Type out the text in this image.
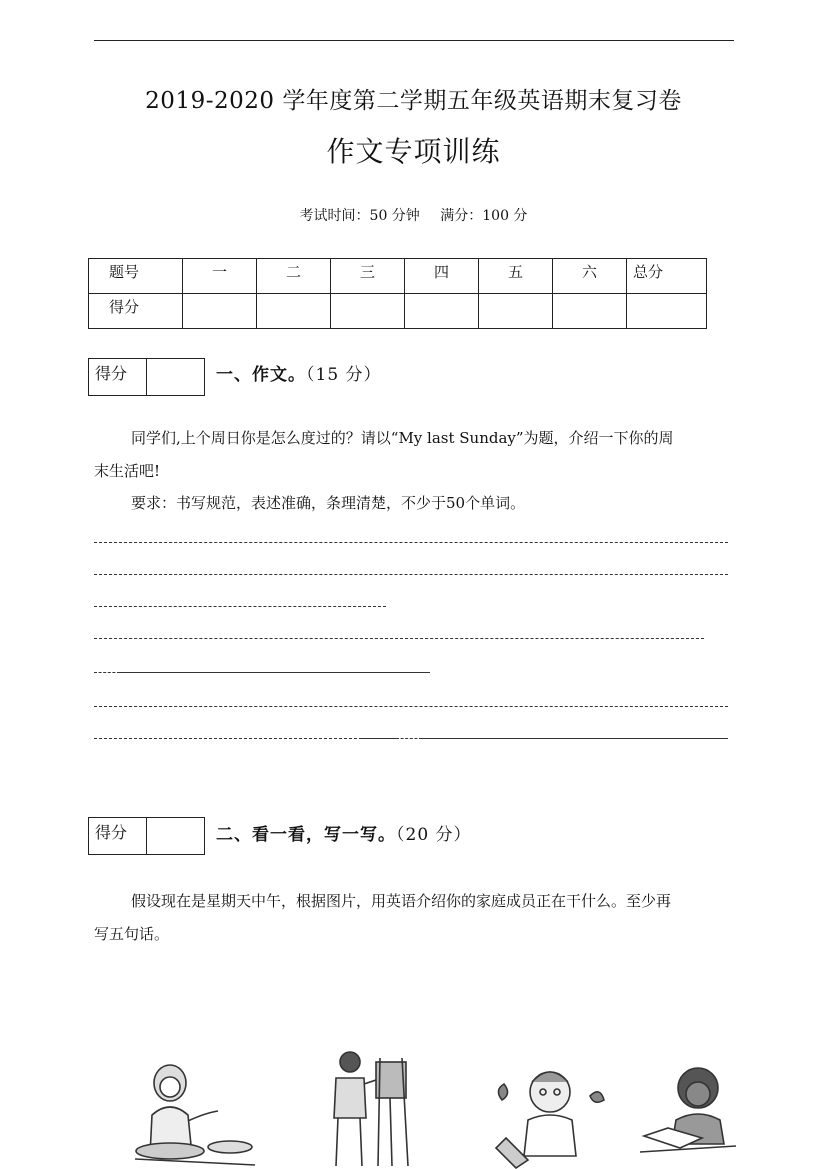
2019-2020 学年度第二学期五年级英语期末复习卷
作文专项训练
考试时间：50 分钟 满分：100 分
题号	一	二	三	四	五	六	总分
得分							
得分	一、作文。（15 分）
同学们,上个周日你是怎么度过的？请以“My last Sunday”为题，介绍一下你的周
末生活吧!
要求：书写规范，表述准确，条理清楚，不少于50个单词。
得分	二、看一看，写一写。（20 分）
假设现在是星期天中午，根据图片，用英语介绍你的家庭成员正在干什么。至少再
写五句话。
